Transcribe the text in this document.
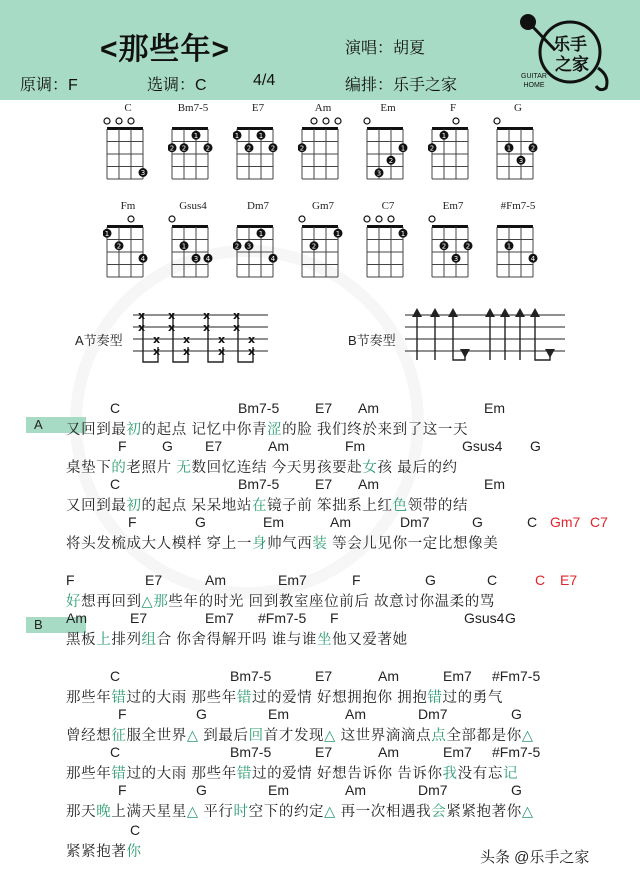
<那些年>	演唱：胡夏
原调：F	选调：C	4/4	编排：乐手之家
乐手
之家
GUITAR
HOME
C
3
Bm7-5
2 2
1
2
E7
1
2
1
2
Am
2
Em
3
2
1
F
2
1
G
1
3
2
Fm
1
2
4
Gsus4
1
3 4
Dm7
2 3
1
4
Gm7
2
1
C7
1
Em7
2
3
2
#Fm7-5
1
4
A节奏型
x
x
x
x
x
x
x
x
x
x
x
x
x
x
x
x
B节奏型
A
B
C	Bm7-5	E7 Am	Em
又回到最初的起点 记忆中你青涩的脸 我们终於来到了这一天
F	G E7	Am	Fm	Gsus4 G
桌垫下的老照片 无数回忆连结 今天男孩要赴女孩 最后的约
C	Bm7-5	E7 Am	Em
又回到最初的起点 呆呆地站在镜子前 笨拙系上红色领带的结
F	G	Em	Am	Dm7	G	C Gm7 C7
将头发梳成大人模样 穿上一身帅气西装 等会儿见你一定比想像美
F	E7	Am	Em7	F	G	C	C E7
好想再回到△那些年的时光 回到教室座位前后 故意讨你温柔的骂
Am	E7	Em7 #Fm7-5 F	Gsus4 G
黑板上排列组合 你舍得解开吗 谁与谁坐他又爱著她
C	Bm7-5	E7	Am	Em7 #Fm7-5
那些年错过的大雨 那些年错过的爱情 好想拥抱你 拥抱错过的勇气
F	G	Em	Am	Dm7	G
曾经想征服全世界△ 到最后回首才发现△ 这世界滴滴点点全部都是你△
C	Bm7-5	E7	Am	Em7 #Fm7-5
那些年错过的大雨 那些年错过的爱情 好想告诉你 告诉你我没有忘记
F	G	Em	Am	Dm7	G
那天晚上满天星星△ 平行时空下的约定△ 再一次相遇我会紧紧抱著你△
C
紧紧抱著你	头条 @乐手之家
